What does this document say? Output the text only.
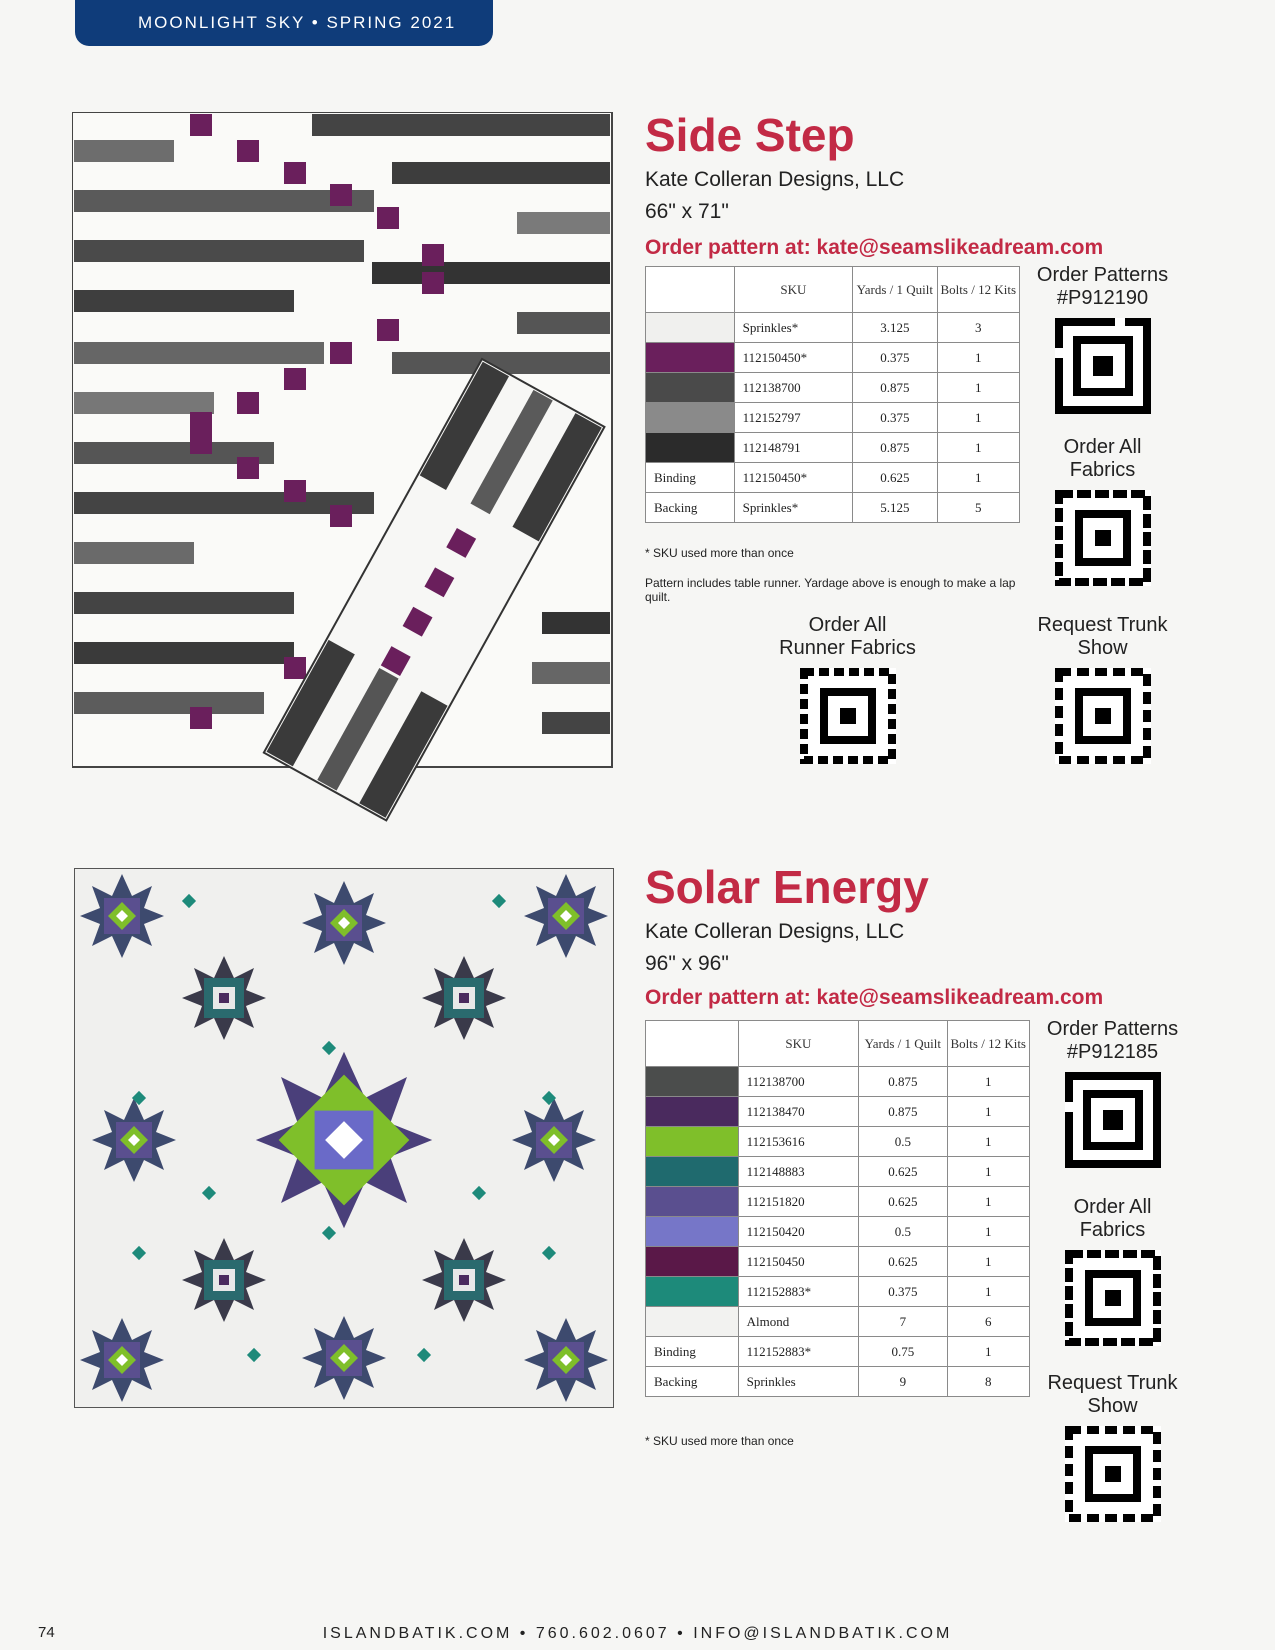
MOONLIGHT SKY • SPRING 2021
Side Step
Kate Colleran Designs, LLC
66" x 71"
Order pattern at: kate@seamslikeadream.com
	SKU	Yards / 1 Quilt	Bolts / 12 Kits
	Sprinkles*	3.125	3
	112150450*	0.375	1
	112138700	0.875	1
	112152797	0.375	1
	112148791	0.875	1
Binding	112150450*	0.625	1
Backing	Sprinkles*	5.125	5
* SKU used more than once
Pattern includes table runner. Yardage above is enough to make a lap quilt.
Order Patterns
#P912190
Order All
Fabrics
Order All
Runner Fabrics
Request Trunk
Show
Solar Energy
Kate Colleran Designs, LLC
96" x 96"
Order pattern at: kate@seamslikeadream.com
	SKU	Yards / 1 Quilt	Bolts / 12 Kits
	112138700	0.875	1
	112138470	0.875	1
	112153616	0.5	1
	112148883	0.625	1
	112151820	0.625	1
	112150420	0.5	1
	112150450	0.625	1
	112152883*	0.375	1
	Almond	7	6
Binding	112152883*	0.75	1
Backing	Sprinkles	9	8
* SKU used more than once
Order Patterns
#P912185
Order All
Fabrics
Request Trunk
Show
74	ISLANDBATIK.COM • 760.602.0607 • INFO@ISLANDBATIK.COM
